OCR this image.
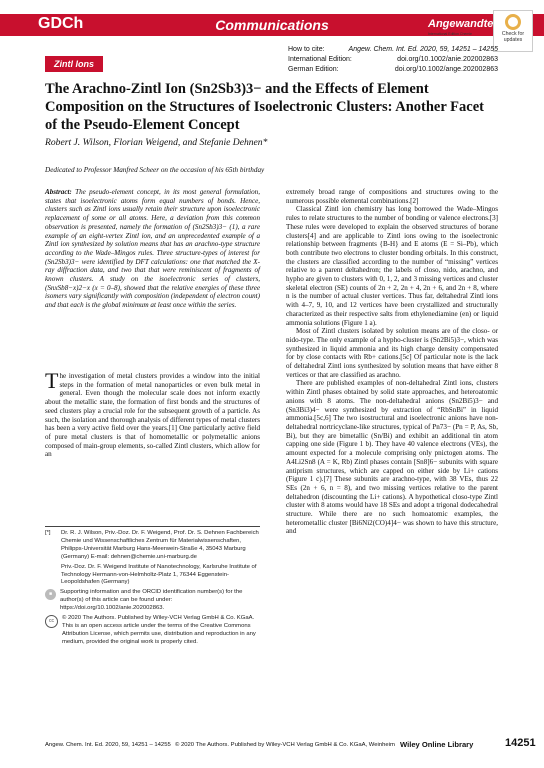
GDCh	Communications	Angewandte
International Edition Chemie	Check for updates
Zintl Ions
How to cite:	Angew. Chem. Int. Ed. 2020, 59, 14251 – 14255
International Edition:	doi.org/10.1002/anie.202002863
German Edition:	doi.org/10.1002/ange.202002863
The Arachno-Zintl Ion (Sn2Sb3)3− and the Effects of Element Composition on the Structures of Isoelectronic Clusters: Another Facet of the Pseudo-Element Concept
Robert J. Wilson, Florian Weigend, and Stefanie Dehnen*
Dedicated to Professor Manfred Scheer on the occasion of his 65th birthday
Abstract: The pseudo-element concept, in its most general formulation, states that isoelectronic atoms form equal numbers of bonds. Hence, clusters such as Zintl ions usually retain their structure upon isoelectronic replacement of some or all atoms. Here, a deviation from this common observation is presented, namely the formation of (Sn2Sb3)3− (1), a rare example of an eight-vertex Zintl ion, and an unprecedented example of a Zintl ion synthesized by solution means that has an arachno-type structure according to the Wade–Mingos rules. Three structure-types of interest for (Sn2Sb3)3− were identified by DFT calculations: one that matched the X-ray diffraction data, and two that that were reminiscent of fragments of known clusters. A study on the isoelectronic series of clusters, (SnxSb8−x)2−x (x = 0–8), showed that the relative energies of these three isomers vary significantly with composition (independent of electron count) and that each is the global minimum at least once within the series.
The investigation of metal clusters provides a window into the initial steps in the formation of metal nanoparticles or even bulk metal in general. Even though the molecular scale does not inform exactly about the metallic state, the formation of first bonds and the structures of seed clusters play a crucial role for the subsequent growth of a particle. As such, the isolation and thorough analysis of different types of metal clusters has been a very active field over the years.[1] One particularly active field of pure metal clusters is that of homometallic or polymetallic anions composed of main-group elements, so-called Zintl clusters, which allow for an
[*]	Dr. R. J. Wilson, Priv.-Doz. Dr. F. Weigend, Prof. Dr. S. Dehnen Fachbereich Chemie und Wissenschaftliches Zentrum für Materialwissenschaften, Philipps-Universität Marburg Hans-Meerwein-Straße 4, 35043 Marburg (Germany) E-mail: dehnen@chemie.uni-marburg.de
Priv.-Doz. Dr. F. Weigend Institute of Nanotechnology, Karlsruhe Institute of Technology Hermann-von-Helmholtz-Platz 1, 76344 Eggenstein-Leopoldshafen (Germany)
■	Supporting information and the ORCID identification number(s) for the author(s) of this article can be found under: https://doi.org/10.1002/anie.202002863.
cc	© 2020 The Authors. Published by Wiley-VCH Verlag GmbH & Co. KGaA. This is an open access article under the terms of the Creative Commons Attribution License, which permits use, distribution and reproduction in any medium, provided the original work is properly cited.

extremely broad range of compositions and structures owing to the numerous possible elemental combinations.[2]

Classical Zintl ion chemistry has long borrowed the Wade–Mingos rules to relate structures to the number of bonding or valence electrons.[3] These rules were developed to explain the observed structures of borane clusters[4] and are applicable to Zintl ions owing to the isoelectronic relationship between fragments {B-H} and E atoms (E = Si–Pb), which both contribute two electrons to cluster bonding orbitals. In this construct, the clusters are classified according to the number of “missing” vertices relative to a parent deltahedron; the labels of closo, nido, arachno, and hypho are given to clusters with 0, 1, 2, and 3 missing vertices and cluster skeletal electron (SE) counts of 2n + 2, 2n + 4, 2n + 6, and 2n + 8, where n is the number of actual cluster vertices. Thus far, deltahedral Zintl ions with 4–7, 9, 10, and 12 vertices have been crystallized and structurally characterized as their respective salts from ethylenediamine (en) or liquid ammonia solutions (Figure 1 a).

Most of Zintl clusters isolated by solution means are of the closo- or nido-type. The only example of a hypho-cluster is (Sn2Bi5)3−, which was synthesized in liquid ammonia and its high charge density compensated for by close contacts with Rb+ cations.[5c] Of particular note is the lack of deltahedral Zintl ions synthesized by solution means that have either 8 vertices or that are classified as arachno.

There are published examples of non-deltahedral Zintl ions, clusters within Zintl phases obtained by solid state approaches, and heteroatomic anions with 8 atoms. The non-deltahedral anions (Sn2Bi5)3− and (Sn3Bi3)4− were synthesized by extraction of “RbSnBi” in liquid ammonia.[5c,6] The two isostructural and isoelectronic anions have non-deltahedral nortricyclane-like structures, typical of Pn73− (Pn = P, As, Sb, Bi), but they are bimetallic (Sn/Bi) and exhibit an additional tin atom capping one side (Figure 1 b). They have 40 valence electrons (VEs), the amount expected for a molecule comprising only pnictogen atoms. The A4Li2Sn8 (A = K, Rb) Zintl phases contain [Sn8]6− subunits with square antiprism structures, which are capped on either side by Li+ cations (Figure 1 c).[7] These subunits are arachno-type, with 38 VEs, thus 22 SEs (2n + 6, n = 8), and two missing vertices relative to the parent deltahedron (discounting the Li+ cations). A hypothetical closo-type Zintl cluster with 8 atoms would have 18 SEs and adopt a trigonal dodecahedral structure. While there are no such homoatomic examples, the heterometallic cluster [Bi6Ni2(CO)4]4− was shown to have this structure, and

Angew. Chem. Int. Ed. 2020, 59, 14251 – 14255 © 2020 The Authors. Published by Wiley-VCH Verlag GmbH & Co. KGaA, Weinheim Wiley Online Library	14251
